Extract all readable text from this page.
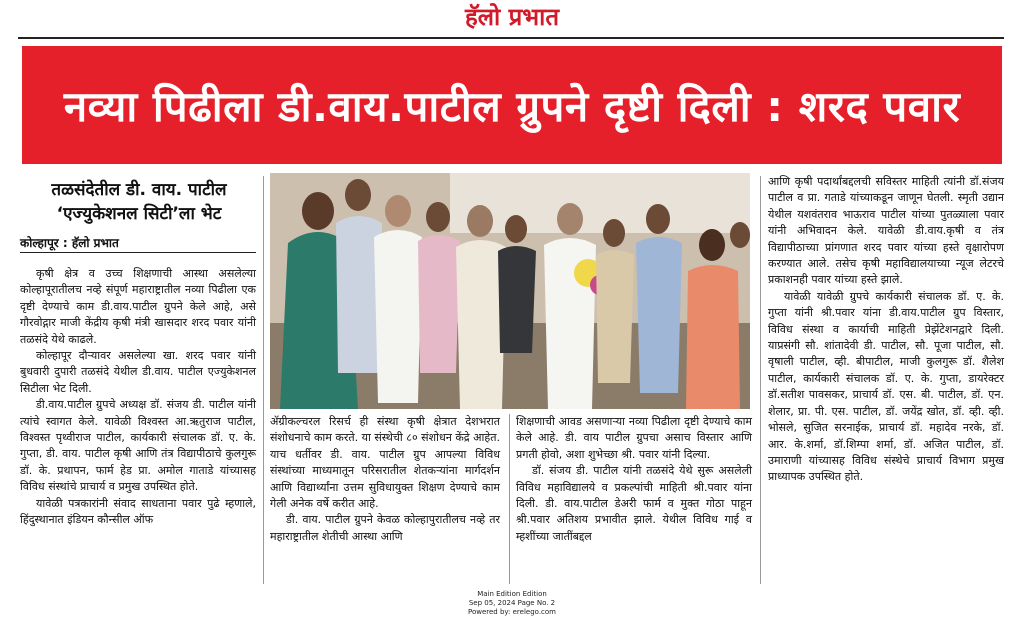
हॅलो प्रभात
नव्या पिढीला डी.वाय.पाटील ग्रुपने दृष्टी दिली : शरद पवार
तळसंदेतील डी. वाय. पाटील
‘एज्युकेशनल सिटी’ला भेट
कोल्हापूर : हॅलो प्रभात

कृषी क्षेत्र व उच्च शिक्षणाची आस्था असलेल्या कोल्हापूरातीलच नव्हे संपूर्ण महाराष्ट्रातील नव्या पिढीला एक दृष्टी देण्याचे काम डी.वाय.पाटील ग्रुपने केले आहे, असे गौरवोद्गार माजी केंद्रीय कृषी मंत्री खासदार शरद पवार यांनी तळसंदे येथे काढले.

कोल्हापूर दौऱ्यावर असलेल्या खा. शरद पवार यांनी बुधवारी दुपारी तळसंदे येथील डी.वाय. पाटील एज्युकेशनल सिटीला भेट दिली.

डी.वाय.पाटील ग्रुपचे अध्यक्ष डॉ. संजय डी. पाटील यांनी त्यांचे स्वागत केले. यावेळी विश्वस्त आ.ऋतुराज पाटील, विश्वस्त पृथ्वीराज पाटील, कार्यकारी संचालक डॉ. ए. के. गुप्ता, डी. वाय. पाटील कृषी आणि तंत्र विद्यापीठाचे कुलगुरू डॉ. के. प्रथापन, फार्म हेड प्रा. अमोल गाताडे यांच्यासह विविध संस्थांचे प्राचार्य व प्रमुख उपस्थित होते.

यावेळी पत्रकारांनी संवाद साधताना पवार पुढे म्हणाले, हिंदुस्थानात इंडियन कौन्सील ऑफ

ॲग्रीकल्चरल रिसर्च ही संस्था कृषी क्षेत्रात देशभरात संशोधनाचे काम करते. या संस्थेची ८० संशोधन केंद्रे आहेत. याच धर्तीवर डी. वाय. पाटील ग्रुप आपल्या विविध संस्थांच्या माध्यमातून परिसरातील शेतकऱ्यांना मार्गदर्शन आणि विद्यार्थ्यांना उत्तम सुविधायुक्त शिक्षण देण्याचे काम गेली अनेक वर्षे करीत आहे.

डी. वाय. पाटील ग्रुपने केवळ कोल्हापुरातीलच नव्हे तर महाराष्ट्रातील शेतीची आस्था आणि

शिक्षणाची आवड असणाऱ्या नव्या पिढीला दृष्टी देण्याचे काम केले आहे. डी. वाय पाटील ग्रुपचा असाच विस्तार आणि प्रगती होवो, अशा शुभेच्छा श्री. पवार यांनी दिल्या.

डॉ. संजय डी. पाटील यांनी तळसंदे येथे सुरू असलेली विविध महाविद्यालये व प्रकल्पांची माहिती श्री.पवार यांना दिली. डी. वाय.पाटील डेअरी फार्म व मुक्त गोठा पाहून श्री.पवार अतिशय प्रभावीत झाले. येथील विविध गाई व म्हशींच्या जातींबद्दल

आणि कृषी पदार्थांबद्दलची सविस्तर माहिती त्यांनी डॉ.संजय पाटील व प्रा. गताडे यांच्याकडून जाणून घेतली. स्मृती उद्यान येथील यशवंतराव भाऊराव पाटील यांच्या पुतळ्याला पवार यांनी अभिवादन केले. यावेळी डी.वाय.कृषी व तंत्र विद्यापीठाच्या प्रांगणात शरद पवार यांच्या हस्ते वृक्षारोपण करण्यात आले. तसेच कृषी महाविद्यालयाच्या न्यूज लेटरचे प्रकाशनही पवार यांच्या हस्ते झाले.

यावेळी यावेळी ग्रुपचे कार्यकारी संचालक डॉ. ए. के. गुप्ता यांनी श्री.पवार यांना डी.वाय.पाटील ग्रुप विस्तार, विविध संस्था व कार्याची माहिती प्रेझेंटेशनद्वारे दिली. याप्रसंगी सौ. शांतादेवी डी. पाटील, सौ. पूजा पाटील, सौ. वृषाली पाटील, व्ही. बीपाटील, माजी कुलगुरू डॉ. शैलेश पाटील, कार्यकारी संचालक डॉ. ए. के. गुप्ता, डायरेक्टर डॉ.सतीश पावसकर, प्राचार्य डॉ. एस. बी. पाटील, डॉ. एन. शेलार, प्रा. पी. एस. पाटील, डॉ. जयेंद्र खोत, डॉ. व्ही. व्ही. भोसले, सुजित सरनाईक, प्राचार्य डॉ. महादेव नरके, डॉ. आर. के.शर्मा, डॉ.शिम्पा शर्मा, डॉ. अजित पाटील, डॉ. उमाराणी यांच्यासह विविध संस्थेचे प्राचार्य विभाग प्रमुख प्राध्यापक उपस्थित होते.

Main Edition Edition
Sep 05, 2024 Page No. 2
Powered by: erelego.com
